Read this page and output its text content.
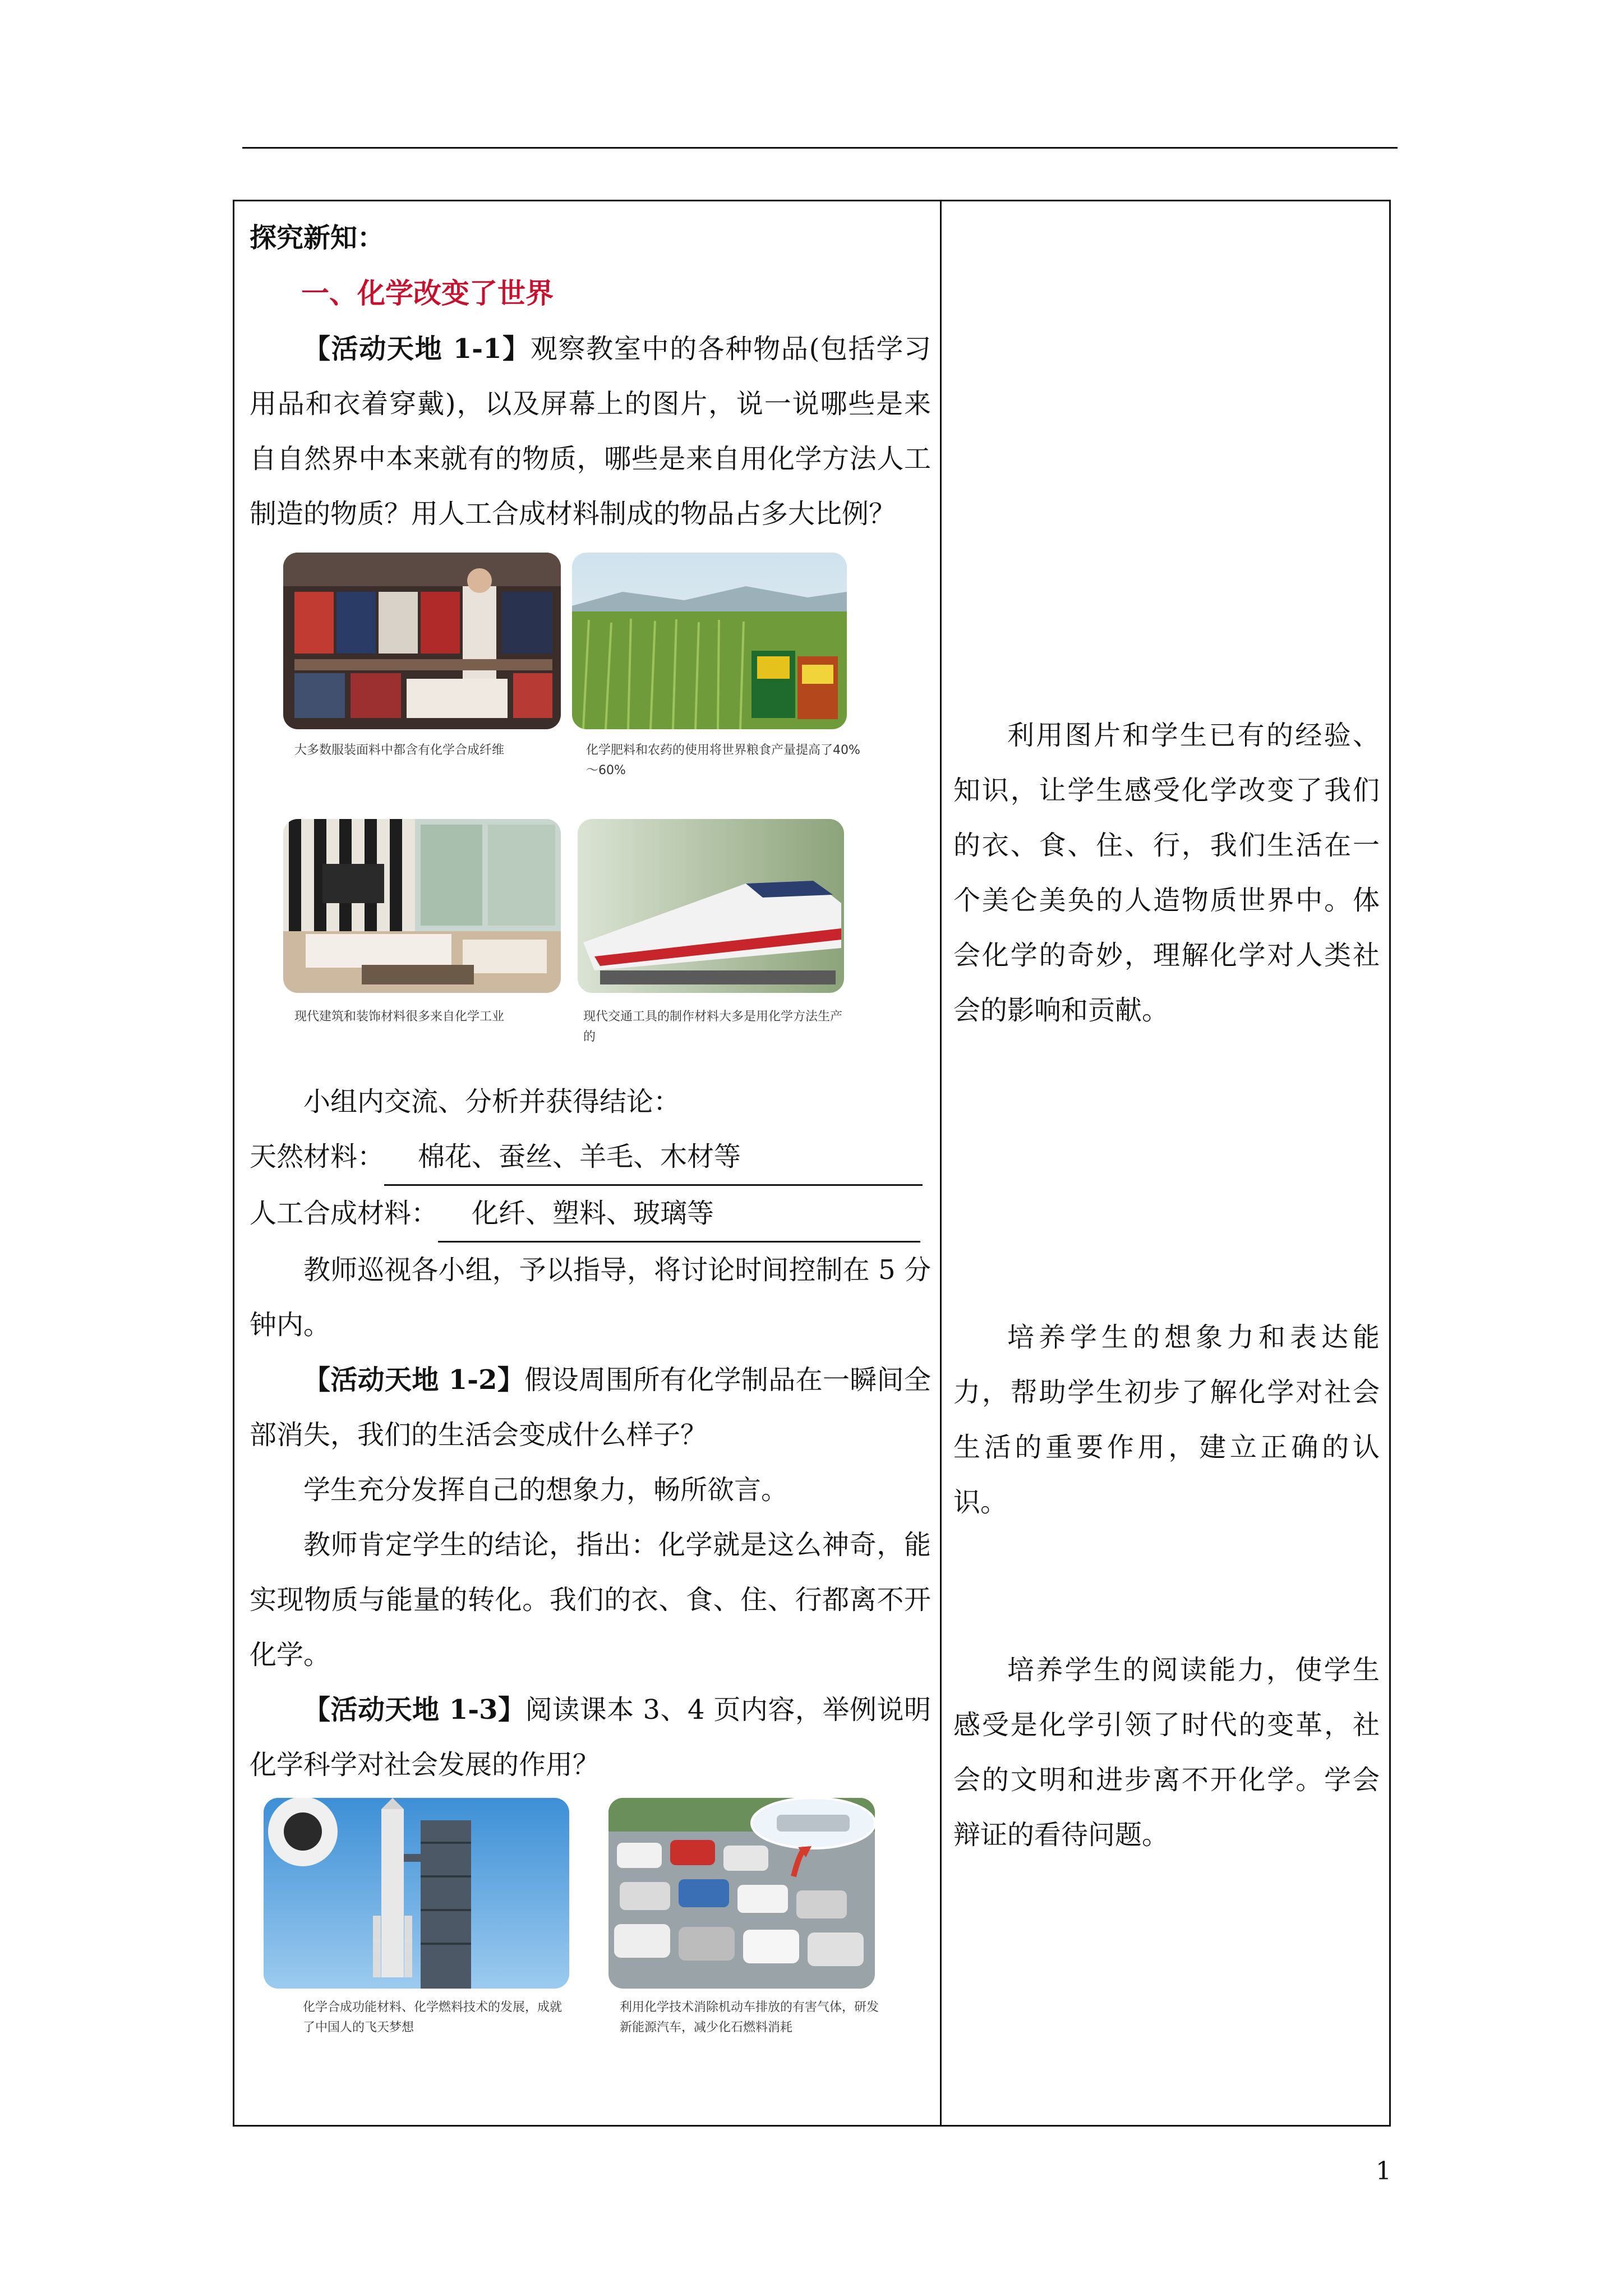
探究新知：

一、化学改变了世界

【活动天地 1-1】观察教室中的各种物品(包括学习用品和衣着穿戴)，以及屏幕上的图片，说一说哪些是来自自然界中本来就有的物质，哪些是来自用化学方法人工制造的物质？用人工合成材料制成的物品占多大比例？

大多数服装面料中都含有化学合成纤维	化学肥料和农药的使用将世界粮食产量提高了40%～60%
现代建筑和装饰材料很多来自化学工业	现代交通工具的制作材料大多是用化学方法生产的

小组内交流、分析并获得结论：

天然材料： 棉花、蚕丝、羊毛、木材等

人工合成材料： 化纤、塑料、玻璃等

教师巡视各小组，予以指导，将讨论时间控制在 5 分钟内。

【活动天地 1-2】假设周围所有化学制品在一瞬间全部消失，我们的生活会变成什么样子？

学生充分发挥自己的想象力，畅所欲言。

教师肯定学生的结论，指出：化学就是这么神奇，能实现物质与能量的转化。我们的衣、食、住、行都离不开化学。

【活动天地 1-3】阅读课本 3、4 页内容，举例说明化学科学对社会发展的作用？

化学合成功能材料、化学燃料技术的发展，成就了中国人的飞天梦想
利用化学技术消除机动车排放的有害气体，研发新能源汽车，减少化石燃料消耗

利用图片和学生已有的经验、知识，让学生感受化学改变了我们的衣、食、住、行，我们生活在一个美仑美奂的人造物质世界中。体会化学的奇妙，理解化学对人类社会的影响和贡献。

培养学生的想象力和表达能力，帮助学生初步了解化学对社会生活的重要作用，建立正确的认识。

培养学生的阅读能力，使学生感受是化学引领了时代的变革，社会的文明和进步离不开化学。学会辩证的看待问题。

1
